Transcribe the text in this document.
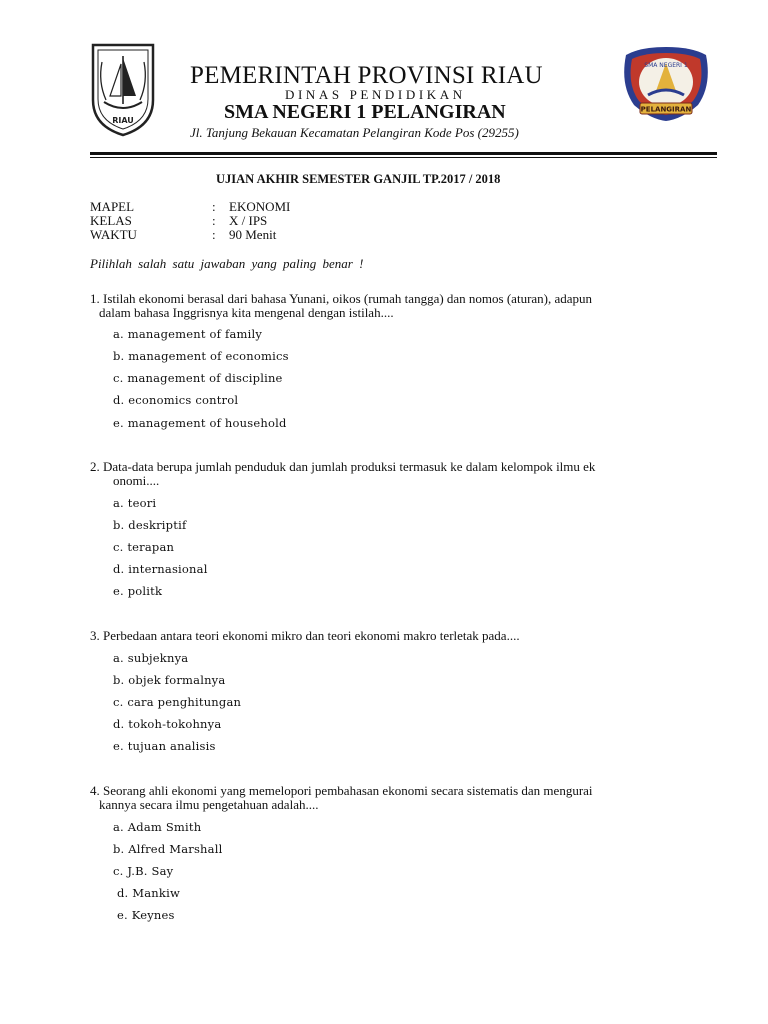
RIAU
SMA NEGERI 1
PELANGIRAN
PEMERINTAH PROVINSI RIAU
DINAS PENDIDIKAN
SMA NEGERI 1 PELANGIRAN
Jl. Tanjung Bekauan Kecamatan Pelangiran Kode Pos (29255)
UJIAN AKHIR SEMESTER GANJIL TP.2017 / 2018
MAPEL	: EKONOMI
KELAS	: X / IPS
WAKTU	: 90 Menit
Pilihlah salah satu jawaban yang paling benar !
1. Istilah ekonomi berasal dari bahasa Yunani, oikos (rumah tangga) dan nomos (aturan), adapun
dalam bahasa Inggrisnya kita mengenal dengan istilah....
a. management of family
b. management of economics
c. management of discipline
d. economics control
e. management of household
2. Data-data berupa jumlah penduduk dan jumlah produksi termasuk ke dalam kelompok ilmu ek
onomi....
a. teori
b. deskriptif
c. terapan
d. internasional
e. politk
3. Perbedaan antara teori ekonomi mikro dan teori ekonomi makro terletak pada....
a. subjeknya
b. objek formalnya
c. cara penghitungan
d. tokoh-tokohnya
e. tujuan analisis
4. Seorang ahli ekonomi yang memelopori pembahasan ekonomi secara sistematis dan mengurai
kannya secara ilmu pengetahuan adalah....
a. Adam Smith
b. Alfred Marshall
c. J.B. Say
d. Mankiw
e. Keynes
